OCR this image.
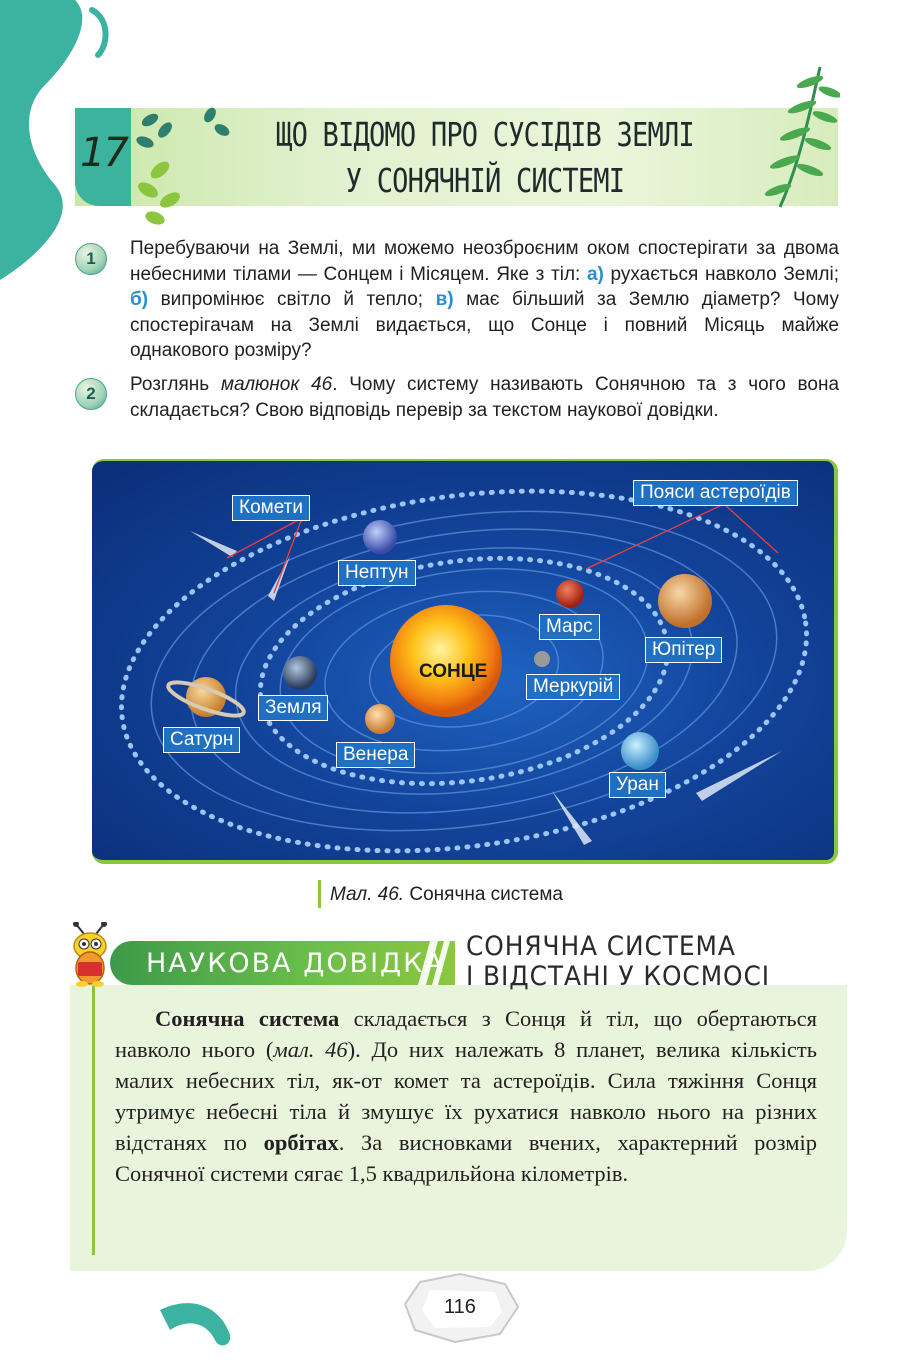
17	ЩО ВІДОМО ПРО СУСІДІВ ЗЕМЛІ
У СОНЯЧНІЙ СИСТЕМІ
1	Перебуваючи на Землі, ми можемо неозброєним оком спостерігати за двома небесними тілами — Сонцем і Місяцем. Яке з тіл: а) рухається навколо Землі; б) випромінює світло й тепло; в) має більший за Землю діаметр? Чому спостерігачам на Землі видається, що Сонце і повний Місяць майже однакового розміру?
2	Розглянь малюнок 46. Чому систему називають Сонячною та з чого вона складається? Свою відповідь перевір за текстом наукової довідки.
Комети
Пояси астероїдів
Нептун
Марс
Юпітер
СОНЦЕ
Меркурій
Земля
Сатурн
Венера
Уран
Мал. 46. Сонячна система
НАУКОВА ДОВІДКА
СОНЯЧНА СИСТЕМА
І ВІДСТАНІ У КОСМОСІ
Сонячна система складається з Сонця й тіл, що обертаються навколо нього (мал. 46). До них належать 8 планет, велика кількість малих небесних тіл, як-от комет та астероїдів. Сила тяжіння Сонця утримує небесні тіла й змушує їх рухатися навколо нього на різних відстанях по орбітах. За висновками вчених, характерний розмір Сонячної системи сягає 1,5 квадрильйона кілометрів.
116
